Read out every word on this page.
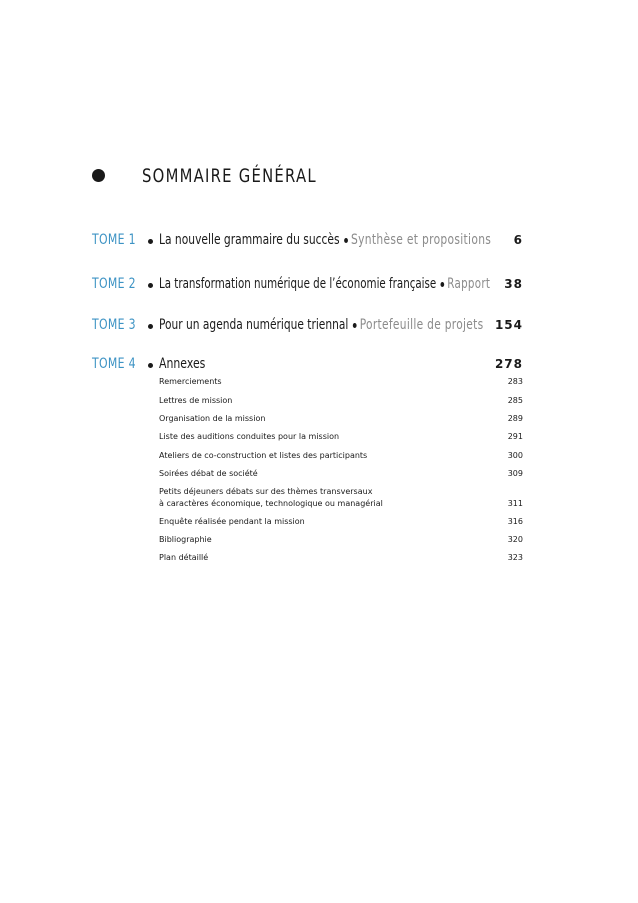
SOMMAIRE GÉNÉRAL
TOME 1 La nouvelle grammaire du succès Synthèse et propositions 6
TOME 2 La transformation numérique de l’économie française Rapport 38
TOME 3 Pour un agenda numérique triennal Portefeuille de projets 154
TOME 4 Annexes	278
Remerciements	283
Lettres de mission	285
Organisation de la mission	289
Liste des auditions conduites pour la mission	291
Ateliers de co-construction et listes des participants	300
Soirées débat de société	309
Petits déjeuners débats sur des thèmes transversaux
à caractères économique, technologique ou managérial	311
Enquête réalisée pendant la mission	316
Bibliographie	320
Plan détaillé	323
